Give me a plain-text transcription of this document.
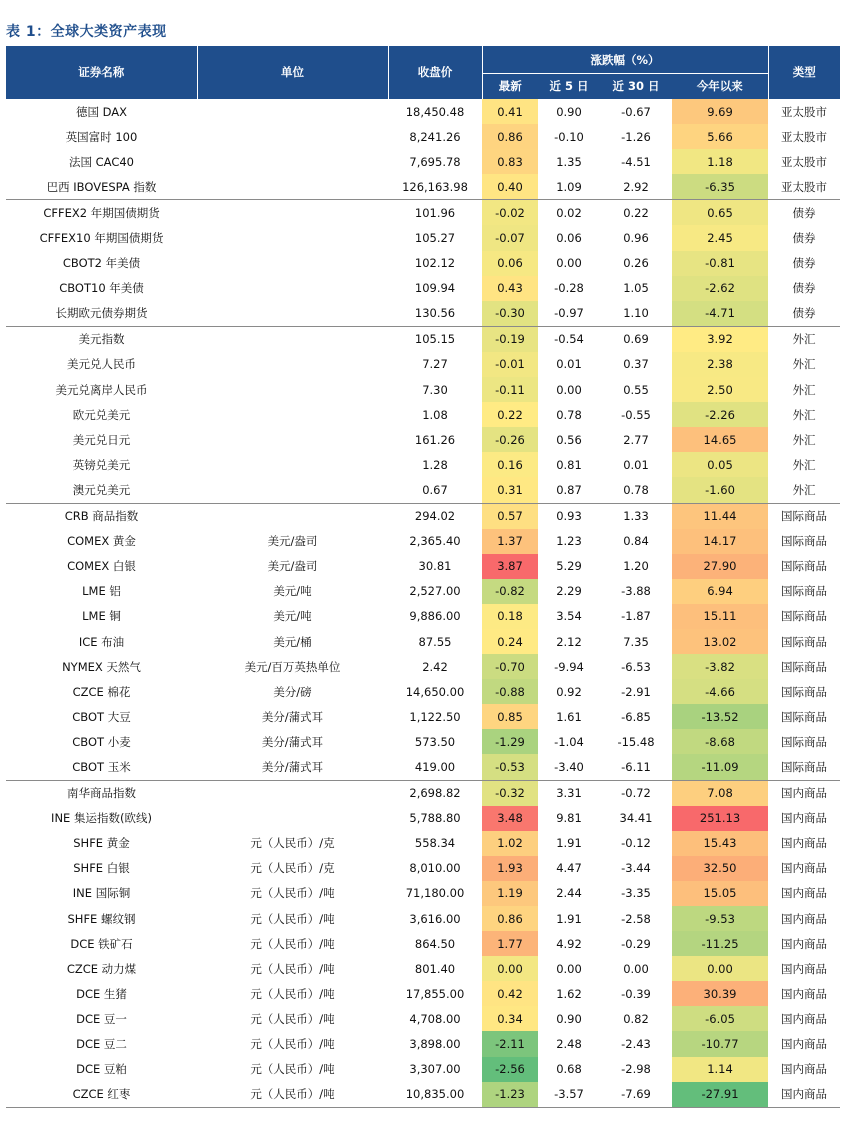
表 1：全球大类资产表现
证券名称	单位	收盘价	涨跌幅（%）				类型
			最新	近 5 日	近 30 日	今年以来	
德国 DAX		18,450.48	0.41	0.90	-0.67	9.69	亚太股市
英国富时 100		8,241.26	0.86	-0.10	-1.26	5.66	亚太股市
法国 CAC40		7,695.78	0.83	1.35	-4.51	1.18	亚太股市
巴西 IBOVESPA 指数		126,163.98	0.40	1.09	2.92	-6.35	亚太股市
CFFEX2 年期国债期货		101.96	-0.02	0.02	0.22	0.65	债券
CFFEX10 年期国债期货		105.27	-0.07	0.06	0.96	2.45	债券
CBOT2 年美债		102.12	0.06	0.00	0.26	-0.81	债券
CBOT10 年美债		109.94	0.43	-0.28	1.05	-2.62	债券
长期欧元债券期货		130.56	-0.30	-0.97	1.10	-4.71	债券
美元指数		105.15	-0.19	-0.54	0.69	3.92	外汇
美元兑人民币		7.27	-0.01	0.01	0.37	2.38	外汇
美元兑离岸人民币		7.30	-0.11	0.00	0.55	2.50	外汇
欧元兑美元		1.08	0.22	0.78	-0.55	-2.26	外汇
美元兑日元		161.26	-0.26	0.56	2.77	14.65	外汇
英镑兑美元		1.28	0.16	0.81	0.01	0.05	外汇
澳元兑美元		0.67	0.31	0.87	0.78	-1.60	外汇
CRB 商品指数		294.02	0.57	0.93	1.33	11.44	国际商品
COMEX 黄金	美元/盎司	2,365.40	1.37	1.23	0.84	14.17	国际商品
COMEX 白银	美元/盎司	30.81	3.87	5.29	1.20	27.90	国际商品
LME 铝	美元/吨	2,527.00	-0.82	2.29	-3.88	6.94	国际商品
LME 铜	美元/吨	9,886.00	0.18	3.54	-1.87	15.11	国际商品
ICE 布油	美元/桶	87.55	0.24	2.12	7.35	13.02	国际商品
NYMEX 天然气	美元/百万英热单位	2.42	-0.70	-9.94	-6.53	-3.82	国际商品
CZCE 棉花	美分/磅	14,650.00	-0.88	0.92	-2.91	-4.66	国际商品
CBOT 大豆	美分/蒲式耳	1,122.50	0.85	1.61	-6.85	-13.52	国际商品
CBOT 小麦	美分/蒲式耳	573.50	-1.29	-1.04	-15.48	-8.68	国际商品
CBOT 玉米	美分/蒲式耳	419.00	-0.53	-3.40	-6.11	-11.09	国际商品
南华商品指数		2,698.82	-0.32	3.31	-0.72	7.08	国内商品
INE 集运指数(欧线)		5,788.80	3.48	9.81	34.41	251.13	国内商品
SHFE 黄金	元（人民币）/克	558.34	1.02	1.91	-0.12	15.43	国内商品
SHFE 白银	元（人民币）/克	8,010.00	1.93	4.47	-3.44	32.50	国内商品
INE 国际铜	元（人民币）/吨	71,180.00	1.19	2.44	-3.35	15.05	国内商品
SHFE 螺纹钢	元（人民币）/吨	3,616.00	0.86	1.91	-2.58	-9.53	国内商品
DCE 铁矿石	元（人民币）/吨	864.50	1.77	4.92	-0.29	-11.25	国内商品
CZCE 动力煤	元（人民币）/吨	801.40	0.00	0.00	0.00	0.00	国内商品
DCE 生猪	元（人民币）/吨	17,855.00	0.42	1.62	-0.39	30.39	国内商品
DCE 豆一	元（人民币）/吨	4,708.00	0.34	0.90	0.82	-6.05	国内商品
DCE 豆二	元（人民币）/吨	3,898.00	-2.11	2.48	-2.43	-10.77	国内商品
DCE 豆粕	元（人民币）/吨	3,307.00	-2.56	0.68	-2.98	1.14	国内商品
CZCE 红枣	元（人民币）/吨	10,835.00	-1.23	-3.57	-7.69	-27.91	国内商品
